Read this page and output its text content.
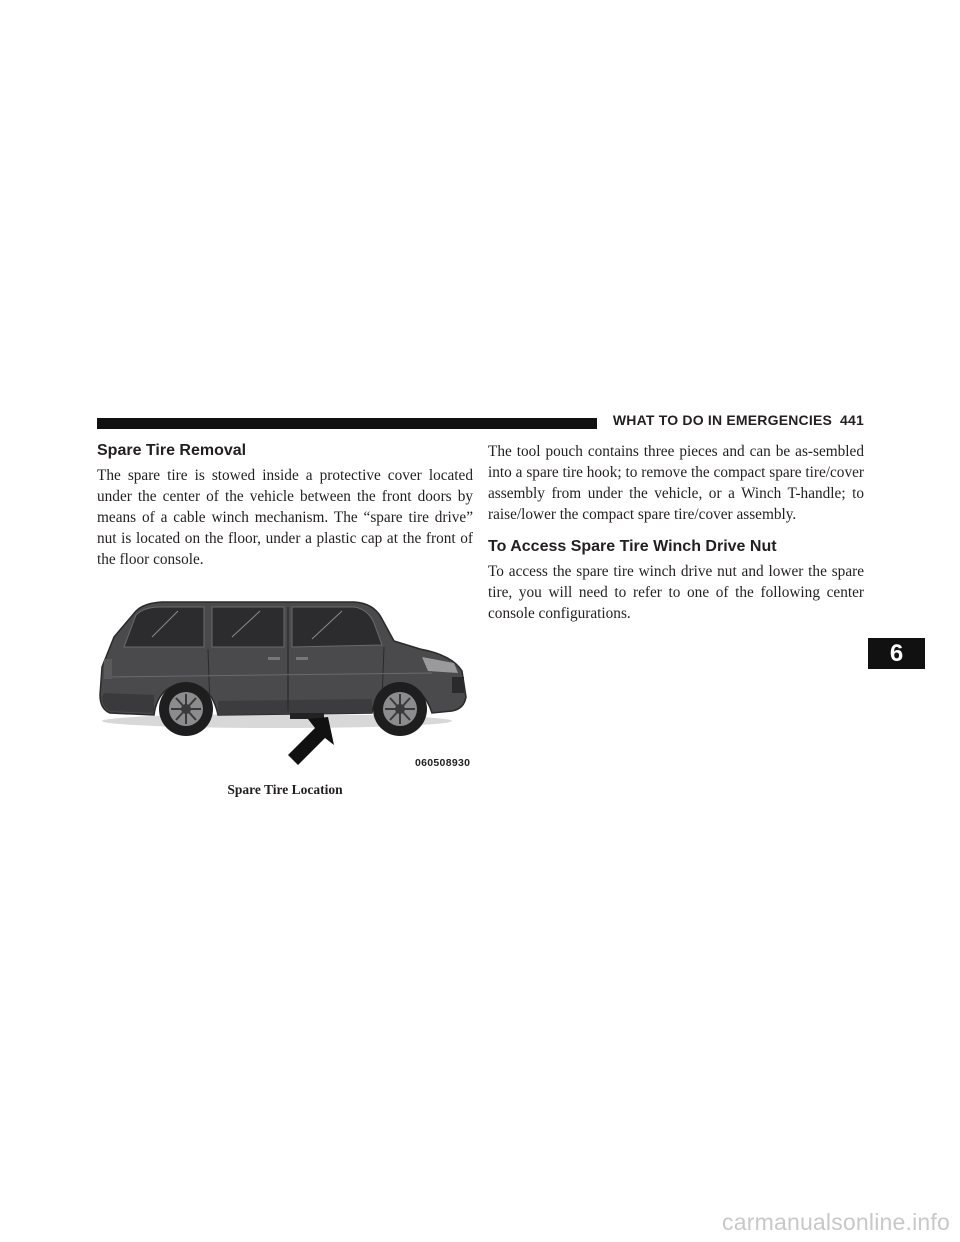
WHAT TO DO IN EMERGENCIES 441
Spare Tire Removal

The spare tire is stowed inside a protective cover located under the center of the vehicle between the front doors by means of a cable winch mechanism. The “spare tire drive” nut is located on the floor, under a plastic cap at the front of the floor console.

060508930
Spare Tire Location

The tool pouch contains three pieces and can be as-sembled into a spare tire hook; to remove the compact spare tire/cover assembly from under the vehicle, or a Winch T-handle; to raise/lower the compact spare tire/cover assembly.

To Access Spare Tire Winch Drive Nut

To access the spare tire winch drive nut and lower the spare tire, you will need to refer to one of the following center console configurations.

6
carmanualsonline.info
